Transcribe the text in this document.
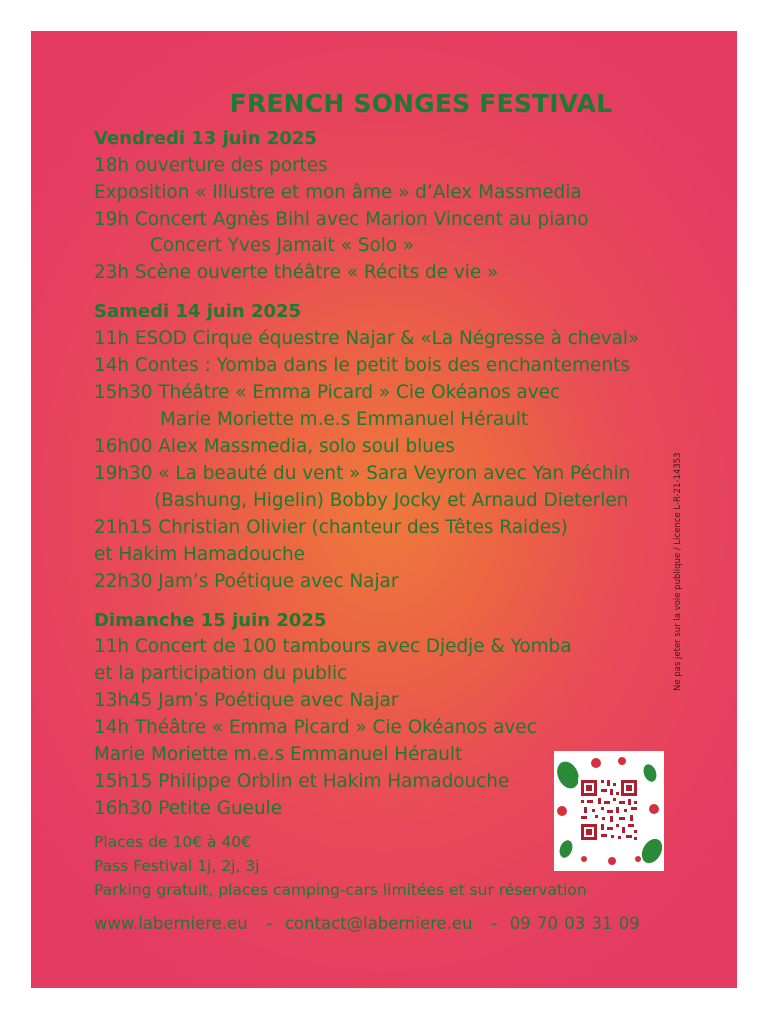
FRENCH SONGES FESTIVAL
Vendredi 13 juin 2025
18h ouverture des portes
Exposition « Illustre et mon âme » d’Alex Massmedia
19h Concert Agnès Bihl avec Marion Vincent au piano
Concert Yves Jamait « Solo »
23h Scène ouverte théâtre « Récits de vie »
Samedi 14 juin 2025
11h ESOD Cirque équestre Najar & «La Négresse à cheval»
14h Contes : Yomba dans le petit bois des enchantements
15h30 Théâtre « Emma Picard » Cie Okéanos avec
Marie Moriette m.e.s Emmanuel Hérault
16h00 Alex Massmedia, solo soul blues
19h30 « La beauté du vent » Sara Veyron avec Yan Péchin
(Bashung, Higelin) Bobby Jocky et Arnaud Dieterlen
21h15 Christian Olivier (chanteur des Têtes Raides)
et Hakim Hamadouche
22h30 Jam’s Poétique avec Najar
Dimanche 15 juin 2025
11h Concert de 100 tambours avec Djedje & Yomba
et la participation du public
13h45 Jam’s Poétique avec Najar
14h Théâtre « Emma Picard » Cie Okéanos avec
Marie Moriette m.e.s Emmanuel Hérault
15h15 Philippe Orblin et Hakim Hamadouche
16h30 Petite Gueule
Places de 10€ à 40€
Pass Festival 1j, 2j, 3j
Parking gratuit, places camping-cars limitées et sur réservation
www.laberniere.eu   -  contact@laberniere.eu   -  09 70 03 31 09
Ne pas jeter sur la voie publique / Licence L-R-21-14353
